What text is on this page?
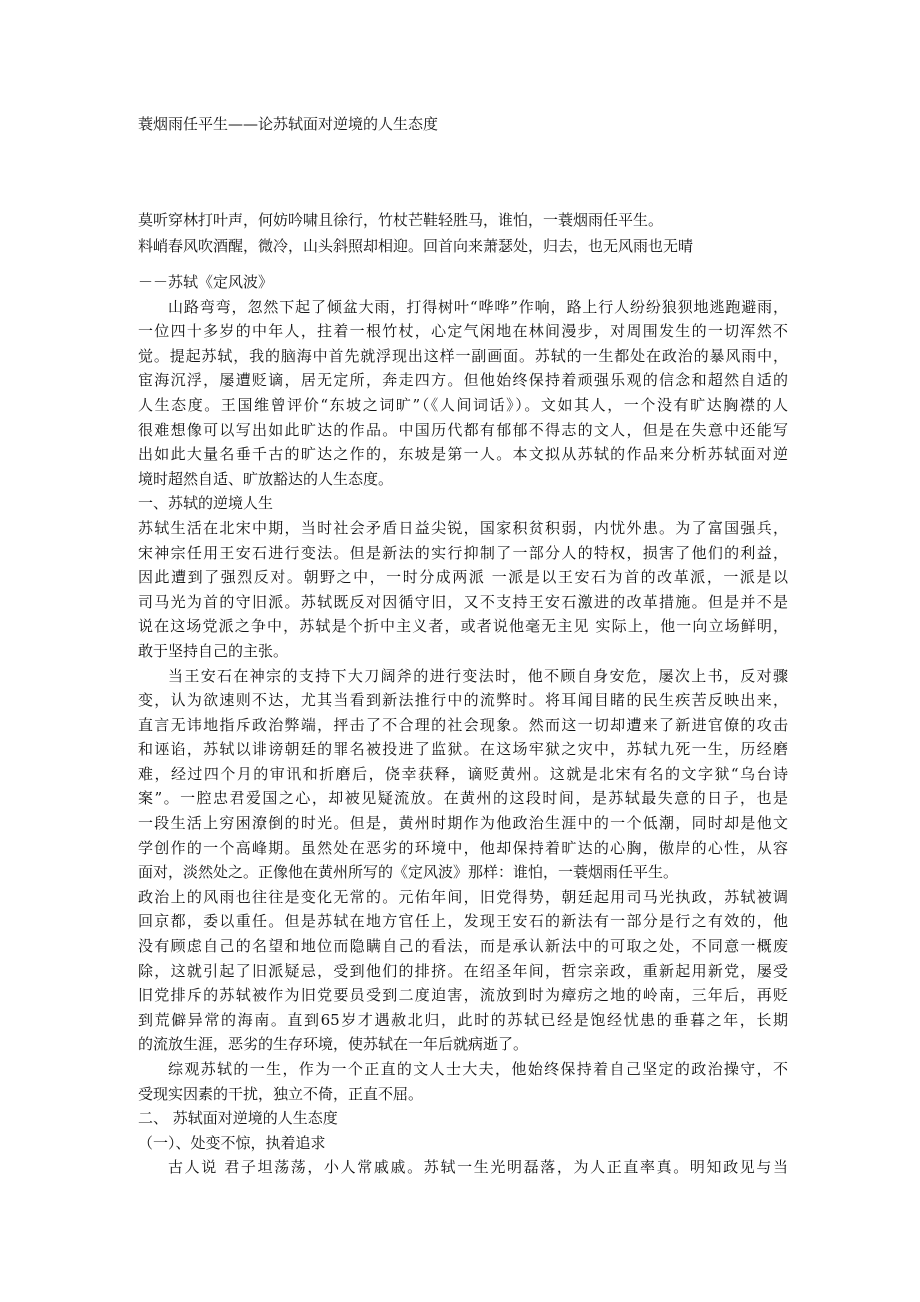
蓑烟雨任平生——论苏轼面对逆境的人生态度
莫听穿林打叶声，何妨吟啸且徐行，竹杖芒鞋轻胜马，谁怕，一蓑烟雨任平生。
料峭春风吹酒醒，微冷，山头斜照却相迎。回首向来萧瑟处，归去，也无风雨也无晴
－－苏轼《定风波》
山路弯弯，忽然下起了倾盆大雨，打得树叶“哗哗”作响，路上行人纷纷狼狈地逃跑避雨，
一位四十多岁的中年人，拄着一根竹杖，心定气闲地在林间漫步，对周围发生的一切浑然不
觉。提起苏轼，我的脑海中首先就浮现出这样一副画面。苏轼的一生都处在政治的暴风雨中，
宦海沉浮，屡遭贬谪，居无定所，奔走四方。但他始终保持着顽强乐观的信念和超然自适的
人生态度。王国维曾评价“东坡之词旷”（《人间词话》）。文如其人，一个没有旷达胸襟的人
很难想像可以写出如此旷达的作品。中国历代都有郁郁不得志的文人，但是在失意中还能写
出如此大量名垂千古的旷达之作的，东坡是第一人。本文拟从苏轼的作品来分析苏轼面对逆
境时超然自适、旷放豁达的人生态度。
一、苏轼的逆境人生
苏轼生活在北宋中期，当时社会矛盾日益尖锐，国家积贫积弱，内忧外患。为了富国强兵，
宋神宗任用王安石进行变法。但是新法的实行抑制了一部分人的特权，损害了他们的利益，
因此遭到了强烈反对。朝野之中，一时分成两派 一派是以王安石为首的改革派，一派是以
司马光为首的守旧派。苏轼既反对因循守旧，又不支持王安石激进的改革措施。但是并不是
说在这场党派之争中，苏轼是个折中主义者，或者说他毫无主见 实际上，他一向立场鲜明，
敢于坚持自己的主张。
当王安石在神宗的支持下大刀阔斧的进行变法时，他不顾自身安危，屡次上书，反对骤
变，认为欲速则不达，尤其当看到新法推行中的流弊时。将耳闻目睹的民生疾苦反映出来，
直言无讳地指斥政治弊端，抨击了不合理的社会现象。然而这一切却遭来了新进官僚的攻击
和诬谄，苏轼以诽谤朝廷的罪名被投进了监狱。在这场牢狱之灾中，苏轼九死一生，历经磨
难，经过四个月的审讯和折磨后，侥幸获释，谪贬黄州。这就是北宋有名的文字狱“乌台诗
案”。一腔忠君爱国之心，却被见疑流放。在黄州的这段时间，是苏轼最失意的日子，也是
一段生活上穷困潦倒的时光。但是，黄州时期作为他政治生涯中的一个低潮，同时却是他文
学创作的一个高峰期。虽然处在恶劣的环境中，他却保持着旷达的心胸，傲岸的心性，从容
面对，淡然处之。正像他在黄州所写的《定风波》那样：谁怕，一蓑烟雨任平生。
政治上的风雨也往往是变化无常的。元佑年间，旧党得势，朝廷起用司马光执政，苏轼被调
回京都，委以重任。但是苏轼在地方官任上，发现王安石的新法有一部分是行之有效的，他
没有顾虑自己的名望和地位而隐瞒自己的看法，而是承认新法中的可取之处，不同意一概废
除，这就引起了旧派疑忌，受到他们的排挤。在绍圣年间，哲宗亲政，重新起用新党，屡受
旧党排斥的苏轼被作为旧党要员受到二度迫害，流放到时为瘴疠之地的岭南，三年后，再贬
到荒僻异常的海南。直到65岁才遇赦北归，此时的苏轼已经是饱经忧患的垂暮之年，长期
的流放生涯，恶劣的生存环境，使苏轼在一年后就病逝了。
综观苏轼的一生，作为一个正直的文人士大夫，他始终保持着自己坚定的政治操守，不
受现实因素的干扰，独立不倚，正直不屈。
二、 苏轼面对逆境的人生态度
（一）、处变不惊，执着追求
古人说 君子坦荡荡，小人常戚戚。苏轼一生光明磊落，为人正直率真。明知政见与当
